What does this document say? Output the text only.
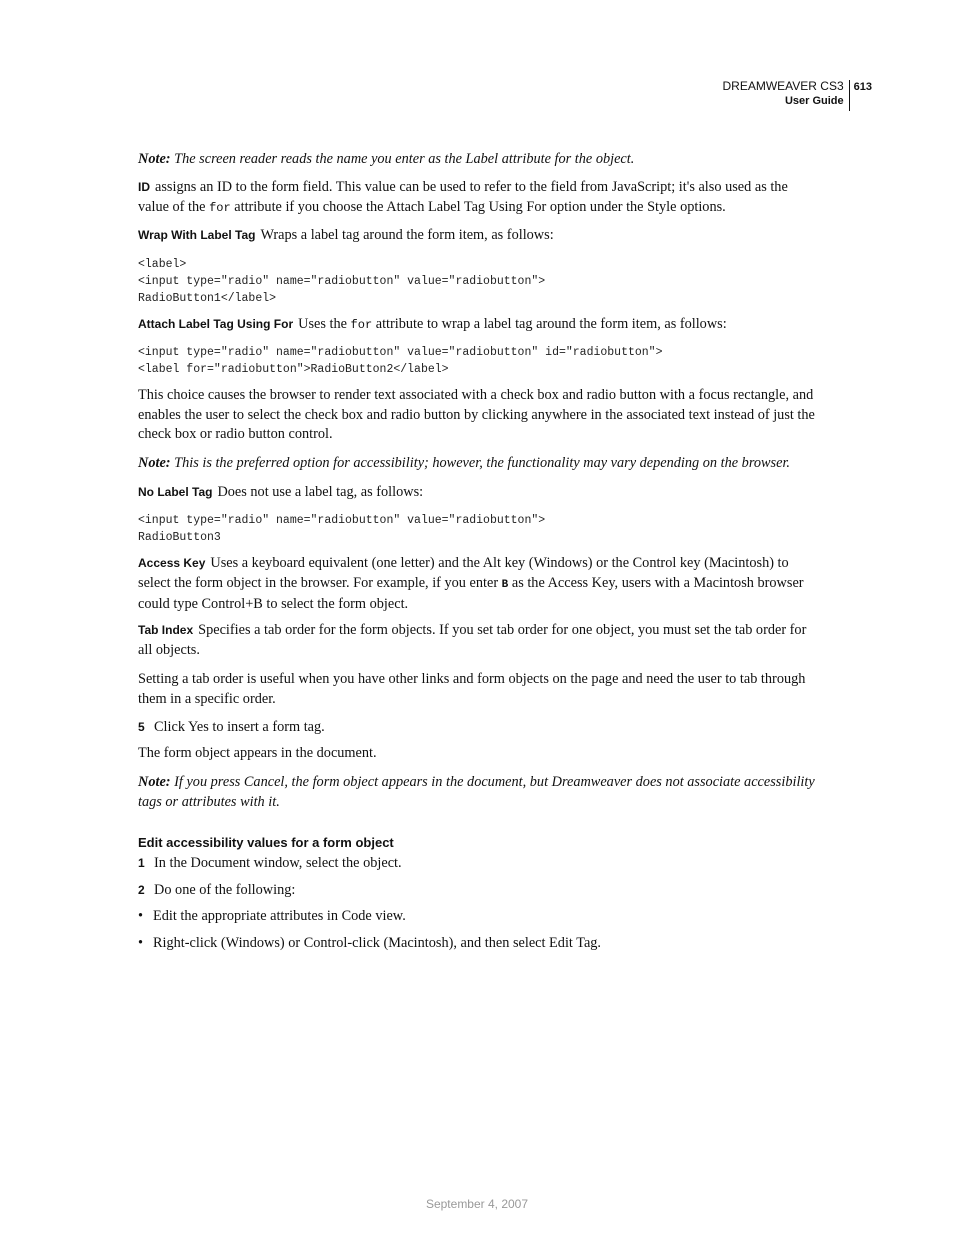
DREAMWEAVER CS3
User Guide
613

Note: The screen reader reads the name you enter as the Label attribute for the object.

ID assigns an ID to the form field. This value can be used to refer to the field from JavaScript; it's also used as the value of the for attribute if you choose the Attach Label Tag Using For option under the Style options.

Wrap With Label Tag Wraps a label tag around the form item, as follows:

<label>
<input type="radio" name="radiobutton" value="radiobutton">
RadioButton1</label>

Attach Label Tag Using For Uses the for attribute to wrap a label tag around the form item, as follows:

<input type="radio" name="radiobutton" value="radiobutton" id="radiobutton">
<label for="radiobutton">RadioButton2</label>

This choice causes the browser to render text associated with a check box and radio button with a focus rectangle, and enables the user to select the check box and radio button by clicking anywhere in the associated text instead of just the check box or radio button control.

Note: This is the preferred option for accessibility; however, the functionality may vary depending on the browser.

No Label Tag Does not use a label tag, as follows:

<input type="radio" name="radiobutton" value="radiobutton">
RadioButton3

Access Key Uses a keyboard equivalent (one letter) and the Alt key (Windows) or the Control key (Macintosh) to select the form object in the browser. For example, if you enter B as the Access Key, users with a Macintosh browser could type Control+B to select the form object.

Tab Index Specifies a tab order for the form objects. If you set tab order for one object, you must set the tab order for all objects.

Setting a tab order is useful when you have other links and form objects on the page and need the user to tab through them in a specific order.

5 Click Yes to insert a form tag.

The form object appears in the document.

Note: If you press Cancel, the form object appears in the document, but Dreamweaver does not associate accessibility tags or attributes with it.

Edit accessibility values for a form object

1 In the Document window, select the object.

2 Do one of the following:

• Edit the appropriate attributes in Code view.

• Right-click (Windows) or Control-click (Macintosh), and then select Edit Tag.

September 4, 2007
